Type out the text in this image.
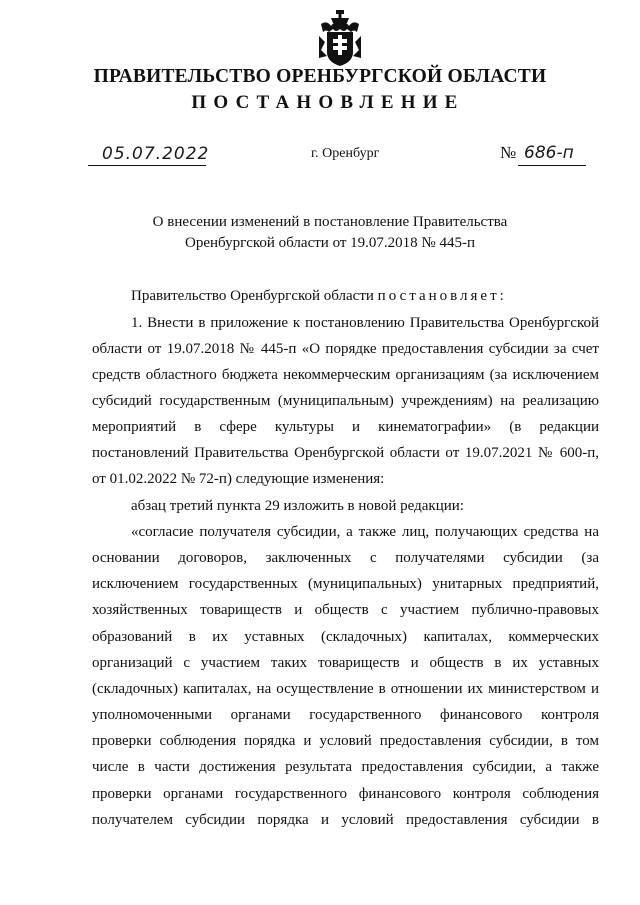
ПРАВИТЕЛЬСТВО ОРЕНБУРГСКОЙ ОБЛАСТИ
ПОСТАНОВЛЕНИЕ
05.07.2022	г. Оренбург	№ 686-п
О внесении изменений в постановление Правительства
Оренбургской области от 19.07.2018 № 445-п
Правительство Оренбургской области постановляет:
1. Внести в приложение к постановлению Правительства Оренбургской
области от 19.07.2018 № 445-п «О порядке предоставления субсидии за счет
средств областного бюджета некоммерческим организациям (за исключением
субсидий государственным (муниципальным) учреждениям) на реализацию
мероприятий в сфере культуры и кинематографии» (в редакции
постановлений Правительства Оренбургской области от 19.07.2021 № 600-п,
от 01.02.2022 № 72-п) следующие изменения:
абзац третий пункта 29 изложить в новой редакции:
«согласие получателя субсидии, а также лиц, получающих средства на
основании договоров, заключенных с получателями субсидии (за
исключением государственных (муниципальных) унитарных предприятий,
хозяйственных товариществ и обществ с участием публично-правовых
образований в их уставных (складочных) капиталах, коммерческих
организаций с участием таких товариществ и обществ в их уставных
(складочных) капиталах, на осуществление в отношении их министерством и
уполномоченными органами государственного финансового контроля
проверки соблюдения порядка и условий предоставления субсидии, в том
числе в части достижения результата предоставления субсидии, а также
проверки органами государственного финансового контроля соблюдения
получателем субсидии порядка и условий предоставления субсидии в
